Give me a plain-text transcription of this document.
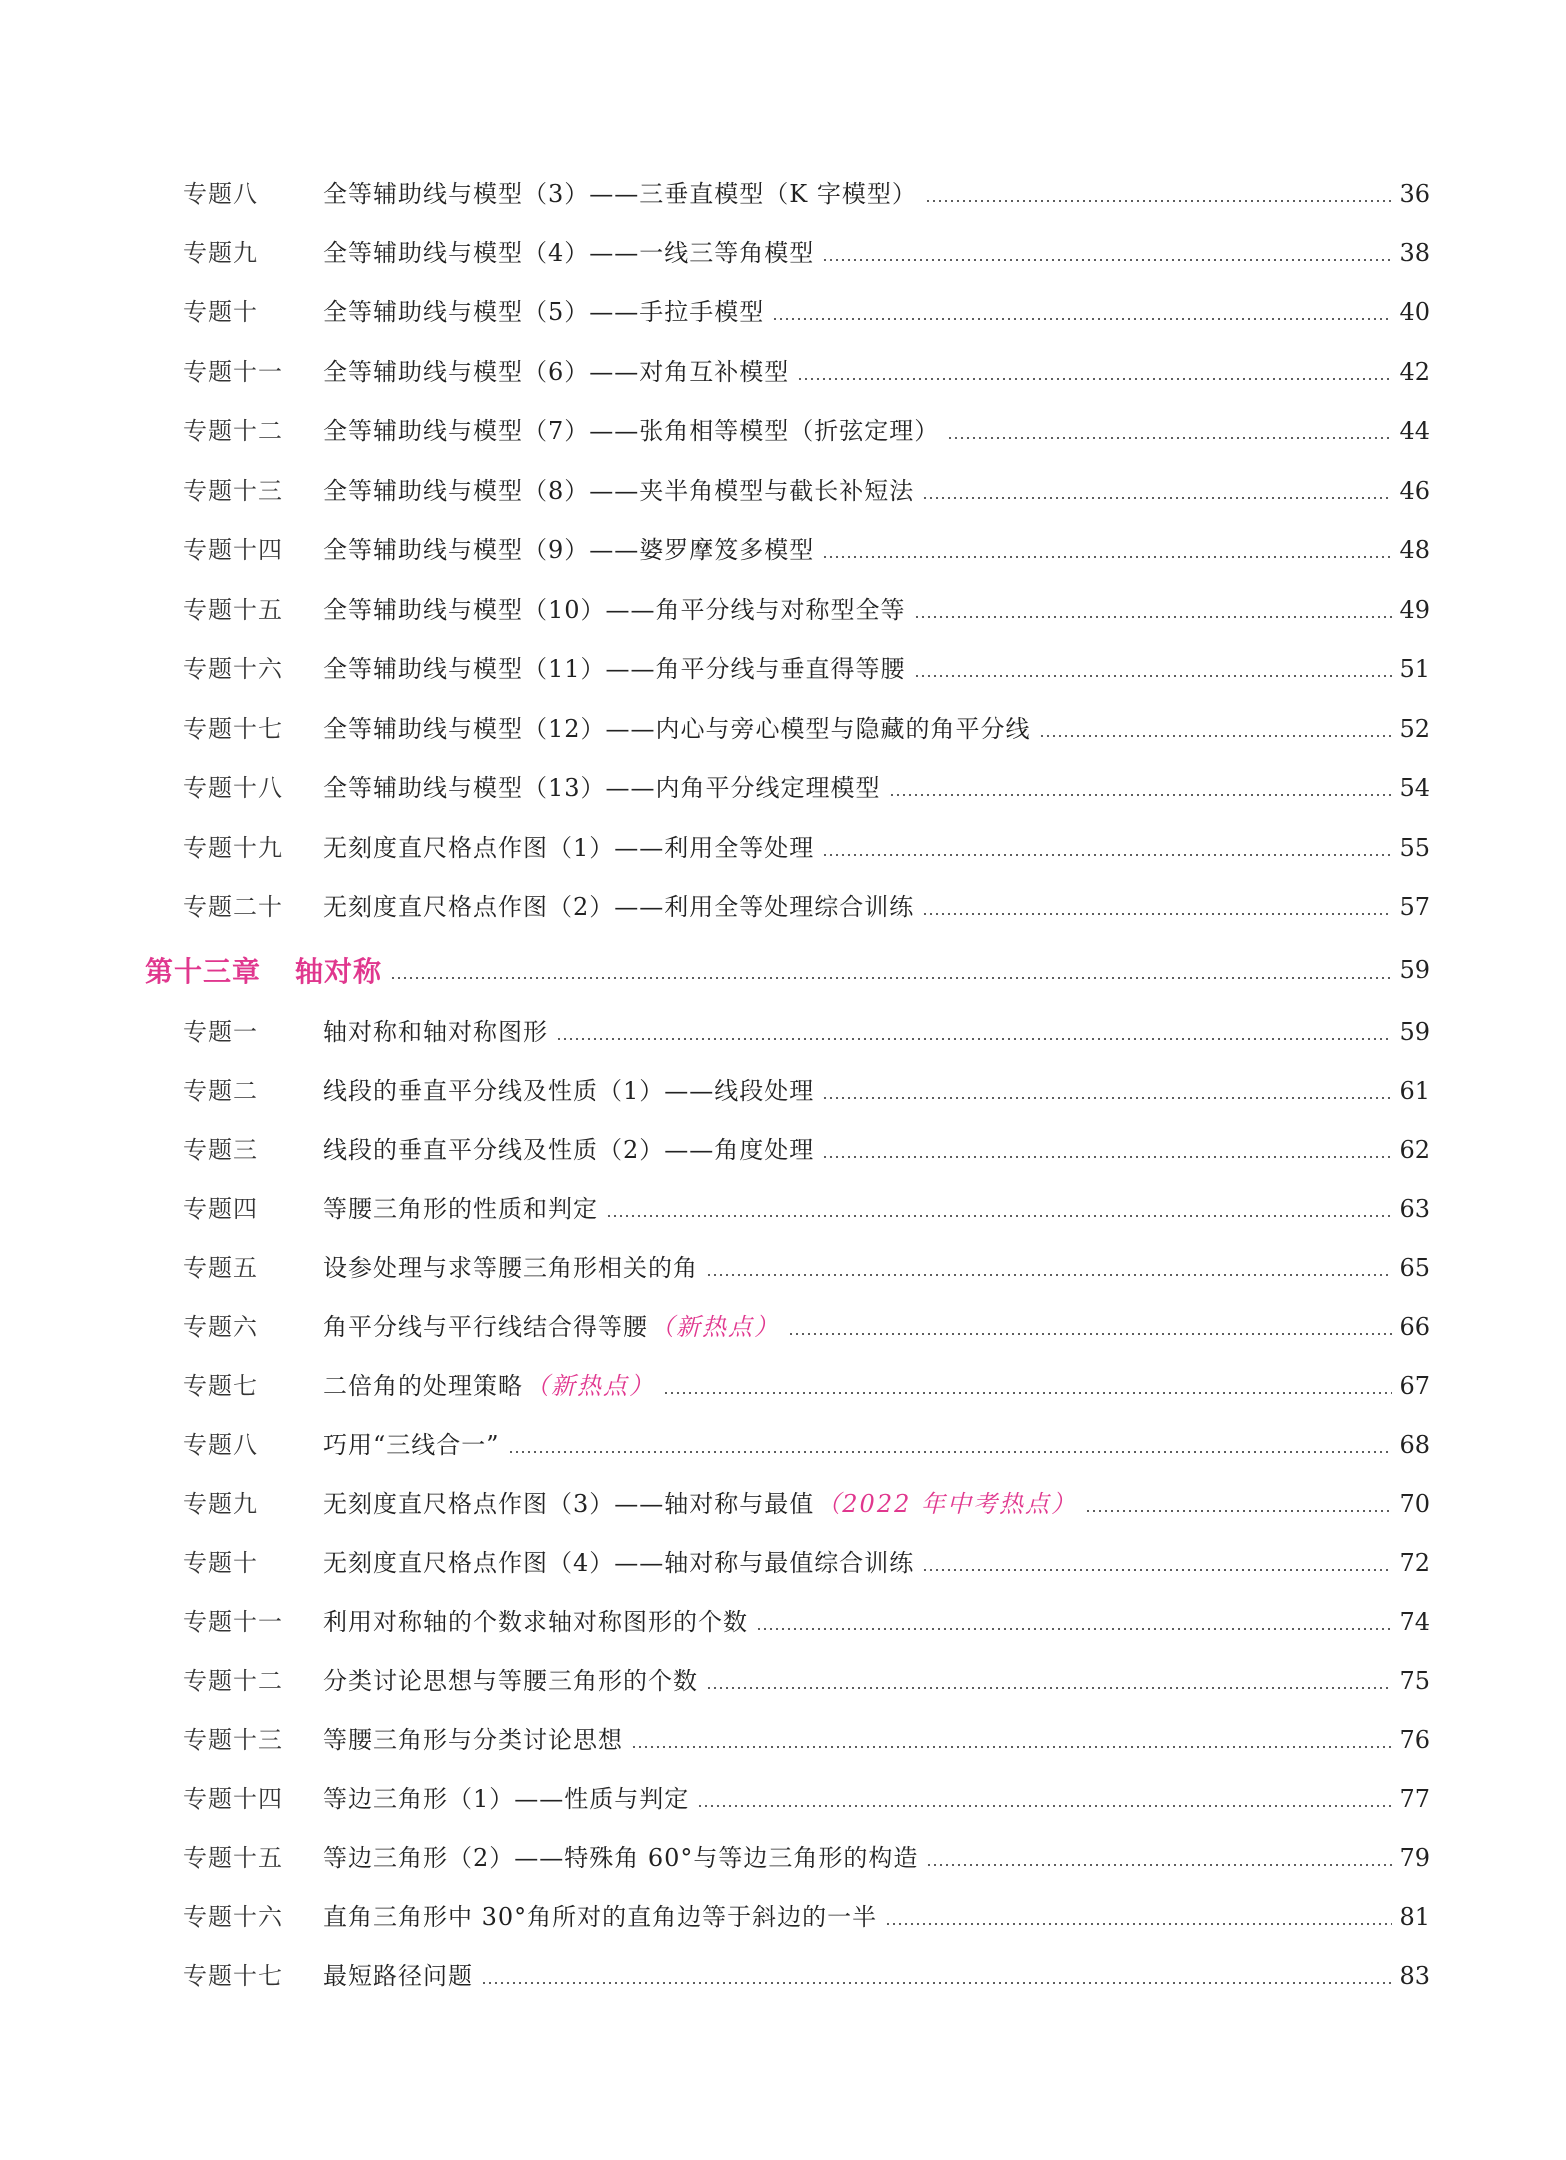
专题八	全等辅助线与模型（3）——三垂直模型（K 字模型）	36
专题九	全等辅助线与模型（4）——一线三等角模型	38
专题十	全等辅助线与模型（5）——手拉手模型	40
专题十一	全等辅助线与模型（6）——对角互补模型	42
专题十二	全等辅助线与模型（7）——张角相等模型（折弦定理）	44
专题十三	全等辅助线与模型（8）——夹半角模型与截长补短法	46
专题十四	全等辅助线与模型（9）——婆罗摩笈多模型	48
专题十五	全等辅助线与模型（10）——角平分线与对称型全等	49
专题十六	全等辅助线与模型（11）——角平分线与垂直得等腰	51
专题十七	全等辅助线与模型（12）——内心与旁心模型与隐藏的角平分线	52
专题十八	全等辅助线与模型（13）——内角平分线定理模型	54
专题十九	无刻度直尺格点作图（1）——利用全等处理	55
专题二十	无刻度直尺格点作图（2）——利用全等处理综合训练	57
第十三章 轴对称	59
专题一	轴对称和轴对称图形	59
专题二	线段的垂直平分线及性质（1）——线段处理	61
专题三	线段的垂直平分线及性质（2）——角度处理	62
专题四	等腰三角形的性质和判定	63
专题五	设参处理与求等腰三角形相关的角	65
专题六	角平分线与平行线结合得等腰 （新热点）	66
专题七	二倍角的处理策略 （新热点）	67
专题八	巧用“三线合一”	68
专题九	无刻度直尺格点作图（3）——轴对称与最值 （2022 年中考热点）	70
专题十	无刻度直尺格点作图（4）——轴对称与最值综合训练	72
专题十一	利用对称轴的个数求轴对称图形的个数	74
专题十二	分类讨论思想与等腰三角形的个数	75
专题十三	等腰三角形与分类讨论思想	76
专题十四	等边三角形（1）——性质与判定	77
专题十五	等边三角形（2）——特殊角 60°与等边三角形的构造	79
专题十六	直角三角形中 30°角所对的直角边等于斜边的一半	81
专题十七	最短路径问题	83
